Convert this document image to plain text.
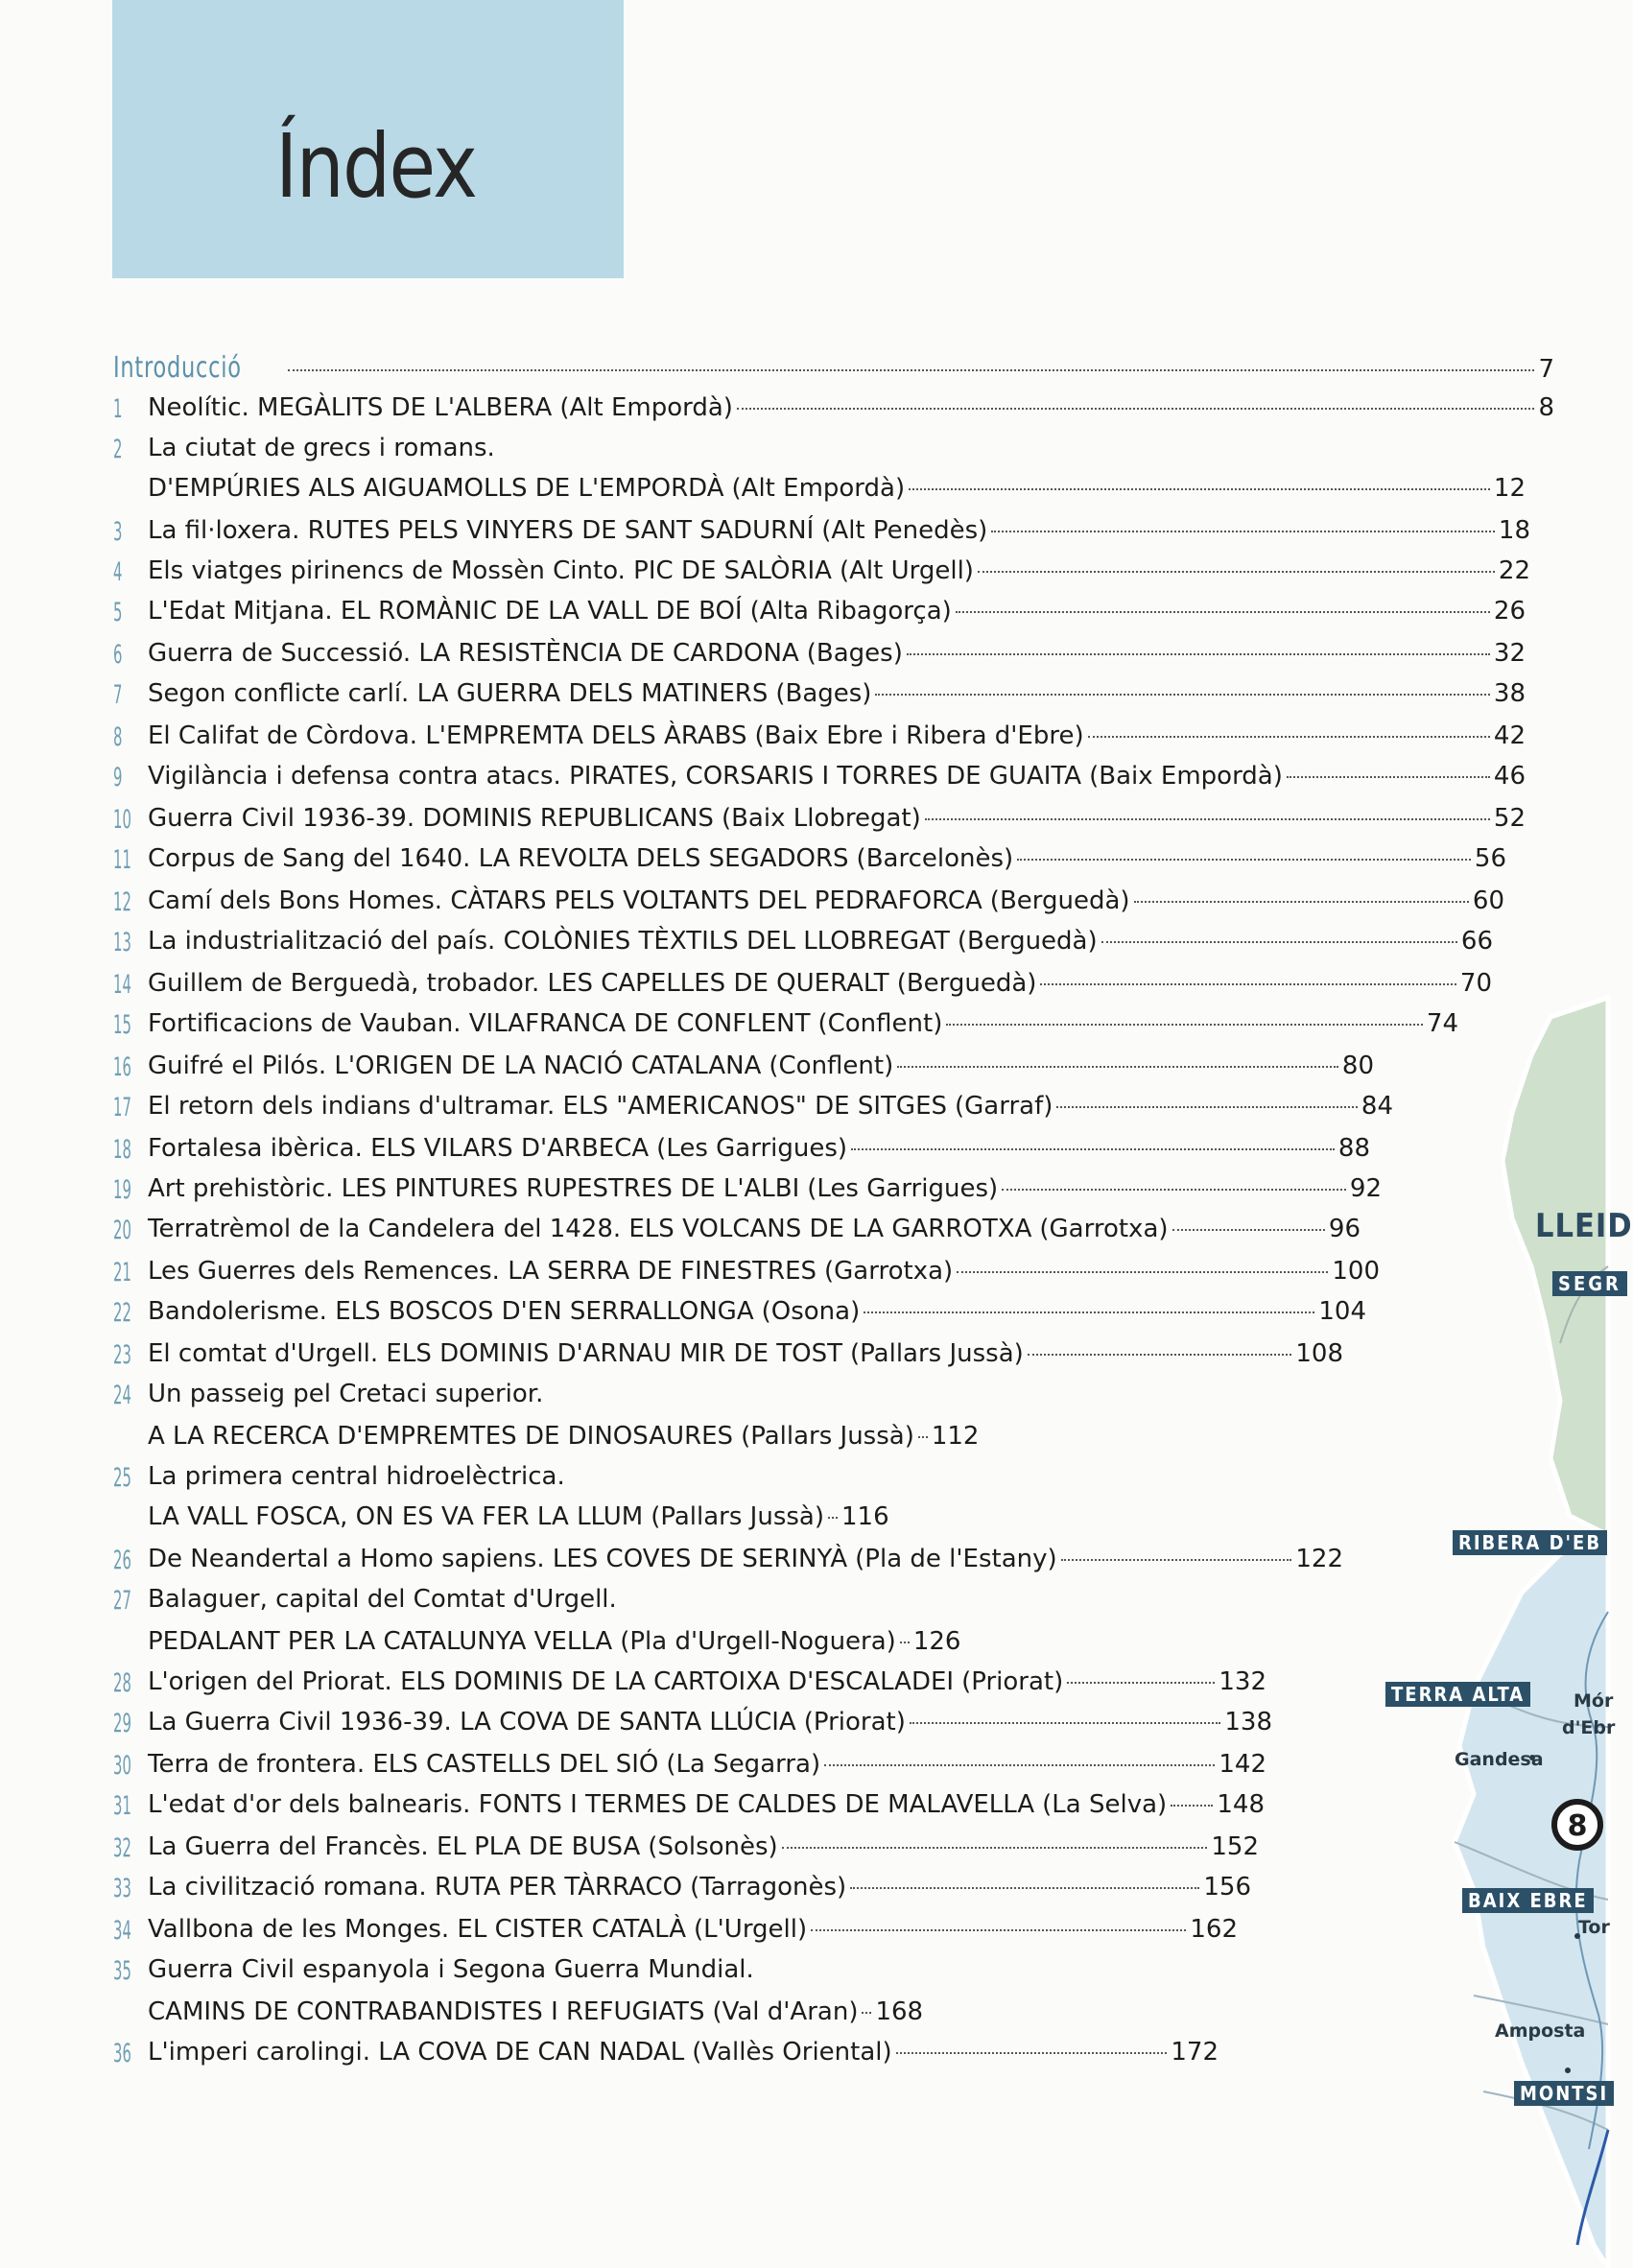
Índex
8
LLEID
SEGR
RIBERA D'EB
TERRA ALTA	Mór
d'Ebr
Gandesa
BAIX EBRE
Tor
Amposta
MONTSI
Introducció	7
1 Neolític. MEGÀLITS DE L'ALBERA (Alt Empordà)	8
2 La ciutat de grecs i romans.
D'EMPÚRIES ALS AIGUAMOLLS DE L'EMPORDÀ (Alt Empordà)	12
3 La fil·loxera. RUTES PELS VINYERS DE SANT SADURNÍ (Alt Penedès)	18
4 Els viatges pirinencs de Mossèn Cinto. PIC DE SALÒRIA (Alt Urgell)	22
5 L'Edat Mitjana. EL ROMÀNIC DE LA VALL DE BOÍ (Alta Ribagorça)	26
6 Guerra de Successió. LA RESISTÈNCIA DE CARDONA (Bages)	32
7 Segon conflicte carlí. LA GUERRA DELS MATINERS (Bages)	38
8 El Califat de Còrdova. L'EMPREMTA DELS ÀRABS (Baix Ebre i Ribera d'Ebre)	42
9 Vigilància i defensa contra atacs. PIRATES, CORSARIS I TORRES DE GUAITA (Baix Empordà)	46
10 Guerra Civil 1936-39. DOMINIS REPUBLICANS (Baix Llobregat)	52
11 Corpus de Sang del 1640. LA REVOLTA DELS SEGADORS (Barcelonès)	56
12 Camí dels Bons Homes. CÀTARS PELS VOLTANTS DEL PEDRAFORCA (Berguedà)	60
13 La industrialització del país. COLÒNIES TÈXTILS DEL LLOBREGAT (Berguedà)	66
14 Guillem de Berguedà, trobador. LES CAPELLES DE QUERALT (Berguedà)	70
15 Fortificacions de Vauban. VILAFRANCA DE CONFLENT (Conflent)	74
16 Guifré el Pilós. L'ORIGEN DE LA NACIÓ CATALANA (Conflent)	80
17 El retorn dels indians d'ultramar. ELS "AMERICANOS" DE SITGES (Garraf)	84
18 Fortalesa ibèrica. ELS VILARS D'ARBECA (Les Garrigues)	88
19 Art prehistòric. LES PINTURES RUPESTRES DE L'ALBI (Les Garrigues)	92
20 Terratrèmol de la Candelera del 1428. ELS VOLCANS DE LA GARROTXA (Garrotxa)	96
21 Les Guerres dels Remences. LA SERRA DE FINESTRES (Garrotxa)	100
22 Bandolerisme. ELS BOSCOS D'EN SERRALLONGA (Osona)	104
23 El comtat d'Urgell. ELS DOMINIS D'ARNAU MIR DE TOST (Pallars Jussà)	108
24 Un passeig pel Cretaci superior.
A LA RECERCA D'EMPREMTES DE DINOSAURES (Pallars Jussà) 112
25 La primera central hidroelèctrica.
LA VALL FOSCA, ON ES VA FER LA LLUM (Pallars Jussà) 116
26 De Neandertal a Homo sapiens. LES COVES DE SERINYÀ (Pla de l'Estany)	122
27 Balaguer, capital del Comtat d'Urgell.
PEDALANT PER LA CATALUNYA VELLA (Pla d'Urgell-Noguera) 126
28 L'origen del Priorat. ELS DOMINIS DE LA CARTOIXA D'ESCALADEI (Priorat)	132
29 La Guerra Civil 1936-39. LA COVA DE SANTA LLÚCIA (Priorat)	138
30 Terra de frontera. ELS CASTELLS DEL SIÓ (La Segarra)	142
31 L'edat d'or dels balnearis. FONTS I TERMES DE CALDES DE MALAVELLA (La Selva) 148
32 La Guerra del Francès. EL PLA DE BUSA (Solsonès)	152
33 La civilització romana. RUTA PER TÀRRACO (Tarragonès)	156
34 Vallbona de les Monges. EL CISTER CATALÀ (L'Urgell)	162
35 Guerra Civil espanyola i Segona Guerra Mundial.
CAMINS DE CONTRABANDISTES I REFUGIATS (Val d'Aran) 168
36 L'imperi carolingi. LA COVA DE CAN NADAL (Vallès Oriental)	172
